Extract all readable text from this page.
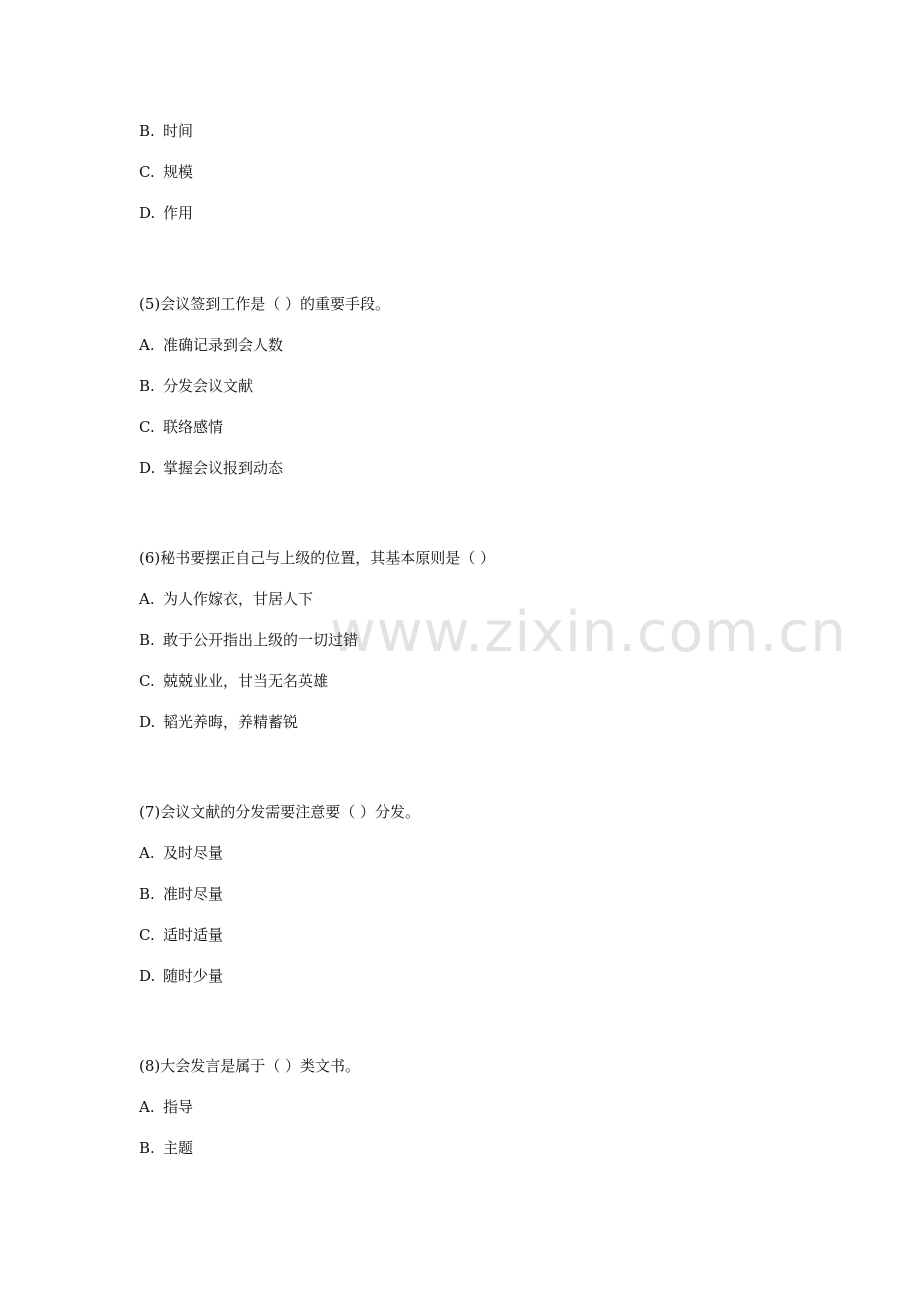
www.zixin.com.cn
B. 时间
C. 规模
D. 作用
(5)会议签到工作是（ ）的重要手段。
A. 准确记录到会人数
B. 分发会议文献
C. 联络感情
D. 掌握会议报到动态
(6)秘书要摆正自己与上级的位置，其基本原则是（ ）
A. 为人作嫁衣，甘居人下
B. 敢于公开指出上级的一切过错
C. 兢兢业业，甘当无名英雄
D. 韬光养晦，养精蓄锐
(7)会议文献的分发需要注意要（ ）分发。
A. 及时尽量
B. 准时尽量
C. 适时适量
D. 随时少量
(8)大会发言是属于（ ）类文书。
A. 指导
B. 主题
